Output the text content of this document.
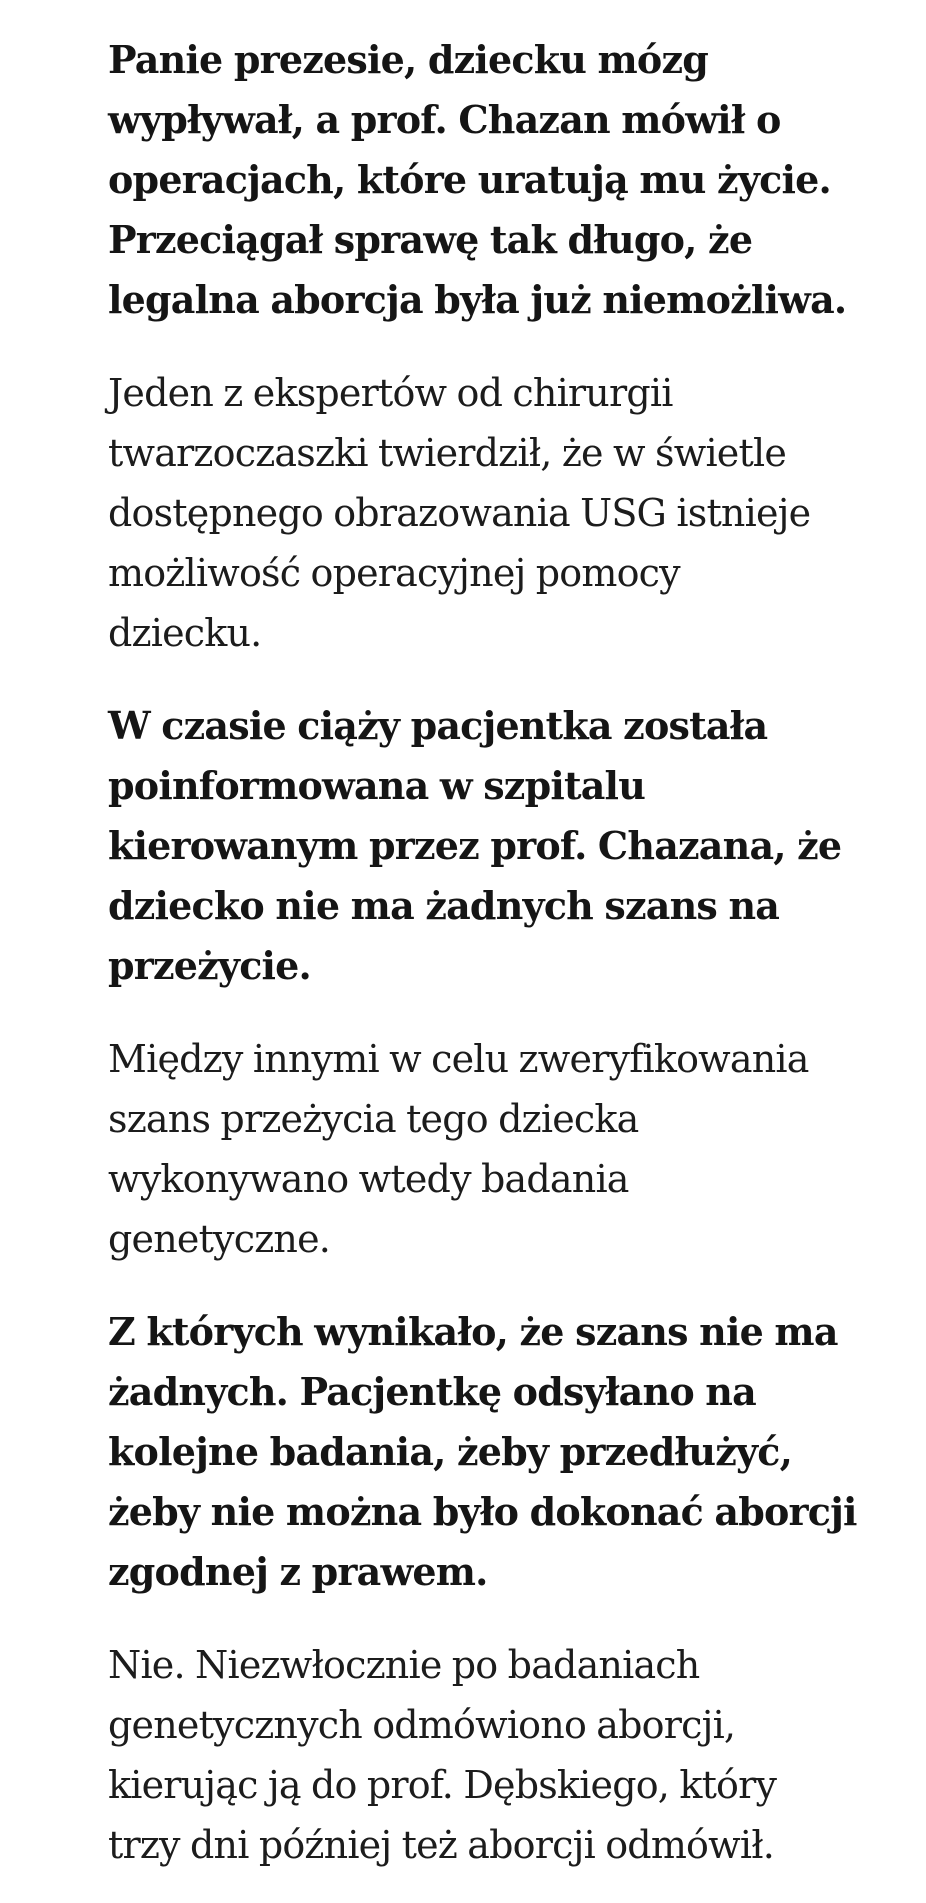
Panie prezesie, dziecku mózg
wypływał, a prof. Chazan mówił o
operacjach, które uratują mu życie.
Przeciągał sprawę tak długo, że
legalna aborcja była już niemożliwa.

Jeden z ekspertów od chirurgii
twarzoczaszki twierdził, że w świetle
dostępnego obrazowania USG istnieje
możliwość operacyjnej pomocy
dziecku.

W czasie ciąży pacjentka została
poinformowana w szpitalu
kierowanym przez prof. Chazana, że
dziecko nie ma żadnych szans na
przeżycie.

Między innymi w celu zweryfikowania
szans przeżycia tego dziecka
wykonywano wtedy badania
genetyczne.

Z których wynikało, że szans nie ma
żadnych. Pacjentkę odsyłano na
kolejne badania, żeby przedłużyć,
żeby nie można było dokonać aborcji
zgodnej z prawem.

Nie. Niezwłocznie po badaniach
genetycznych odmówiono aborcji,
kierując ją do prof. Dębskiego, który
trzy dni później też aborcji odmówił.
